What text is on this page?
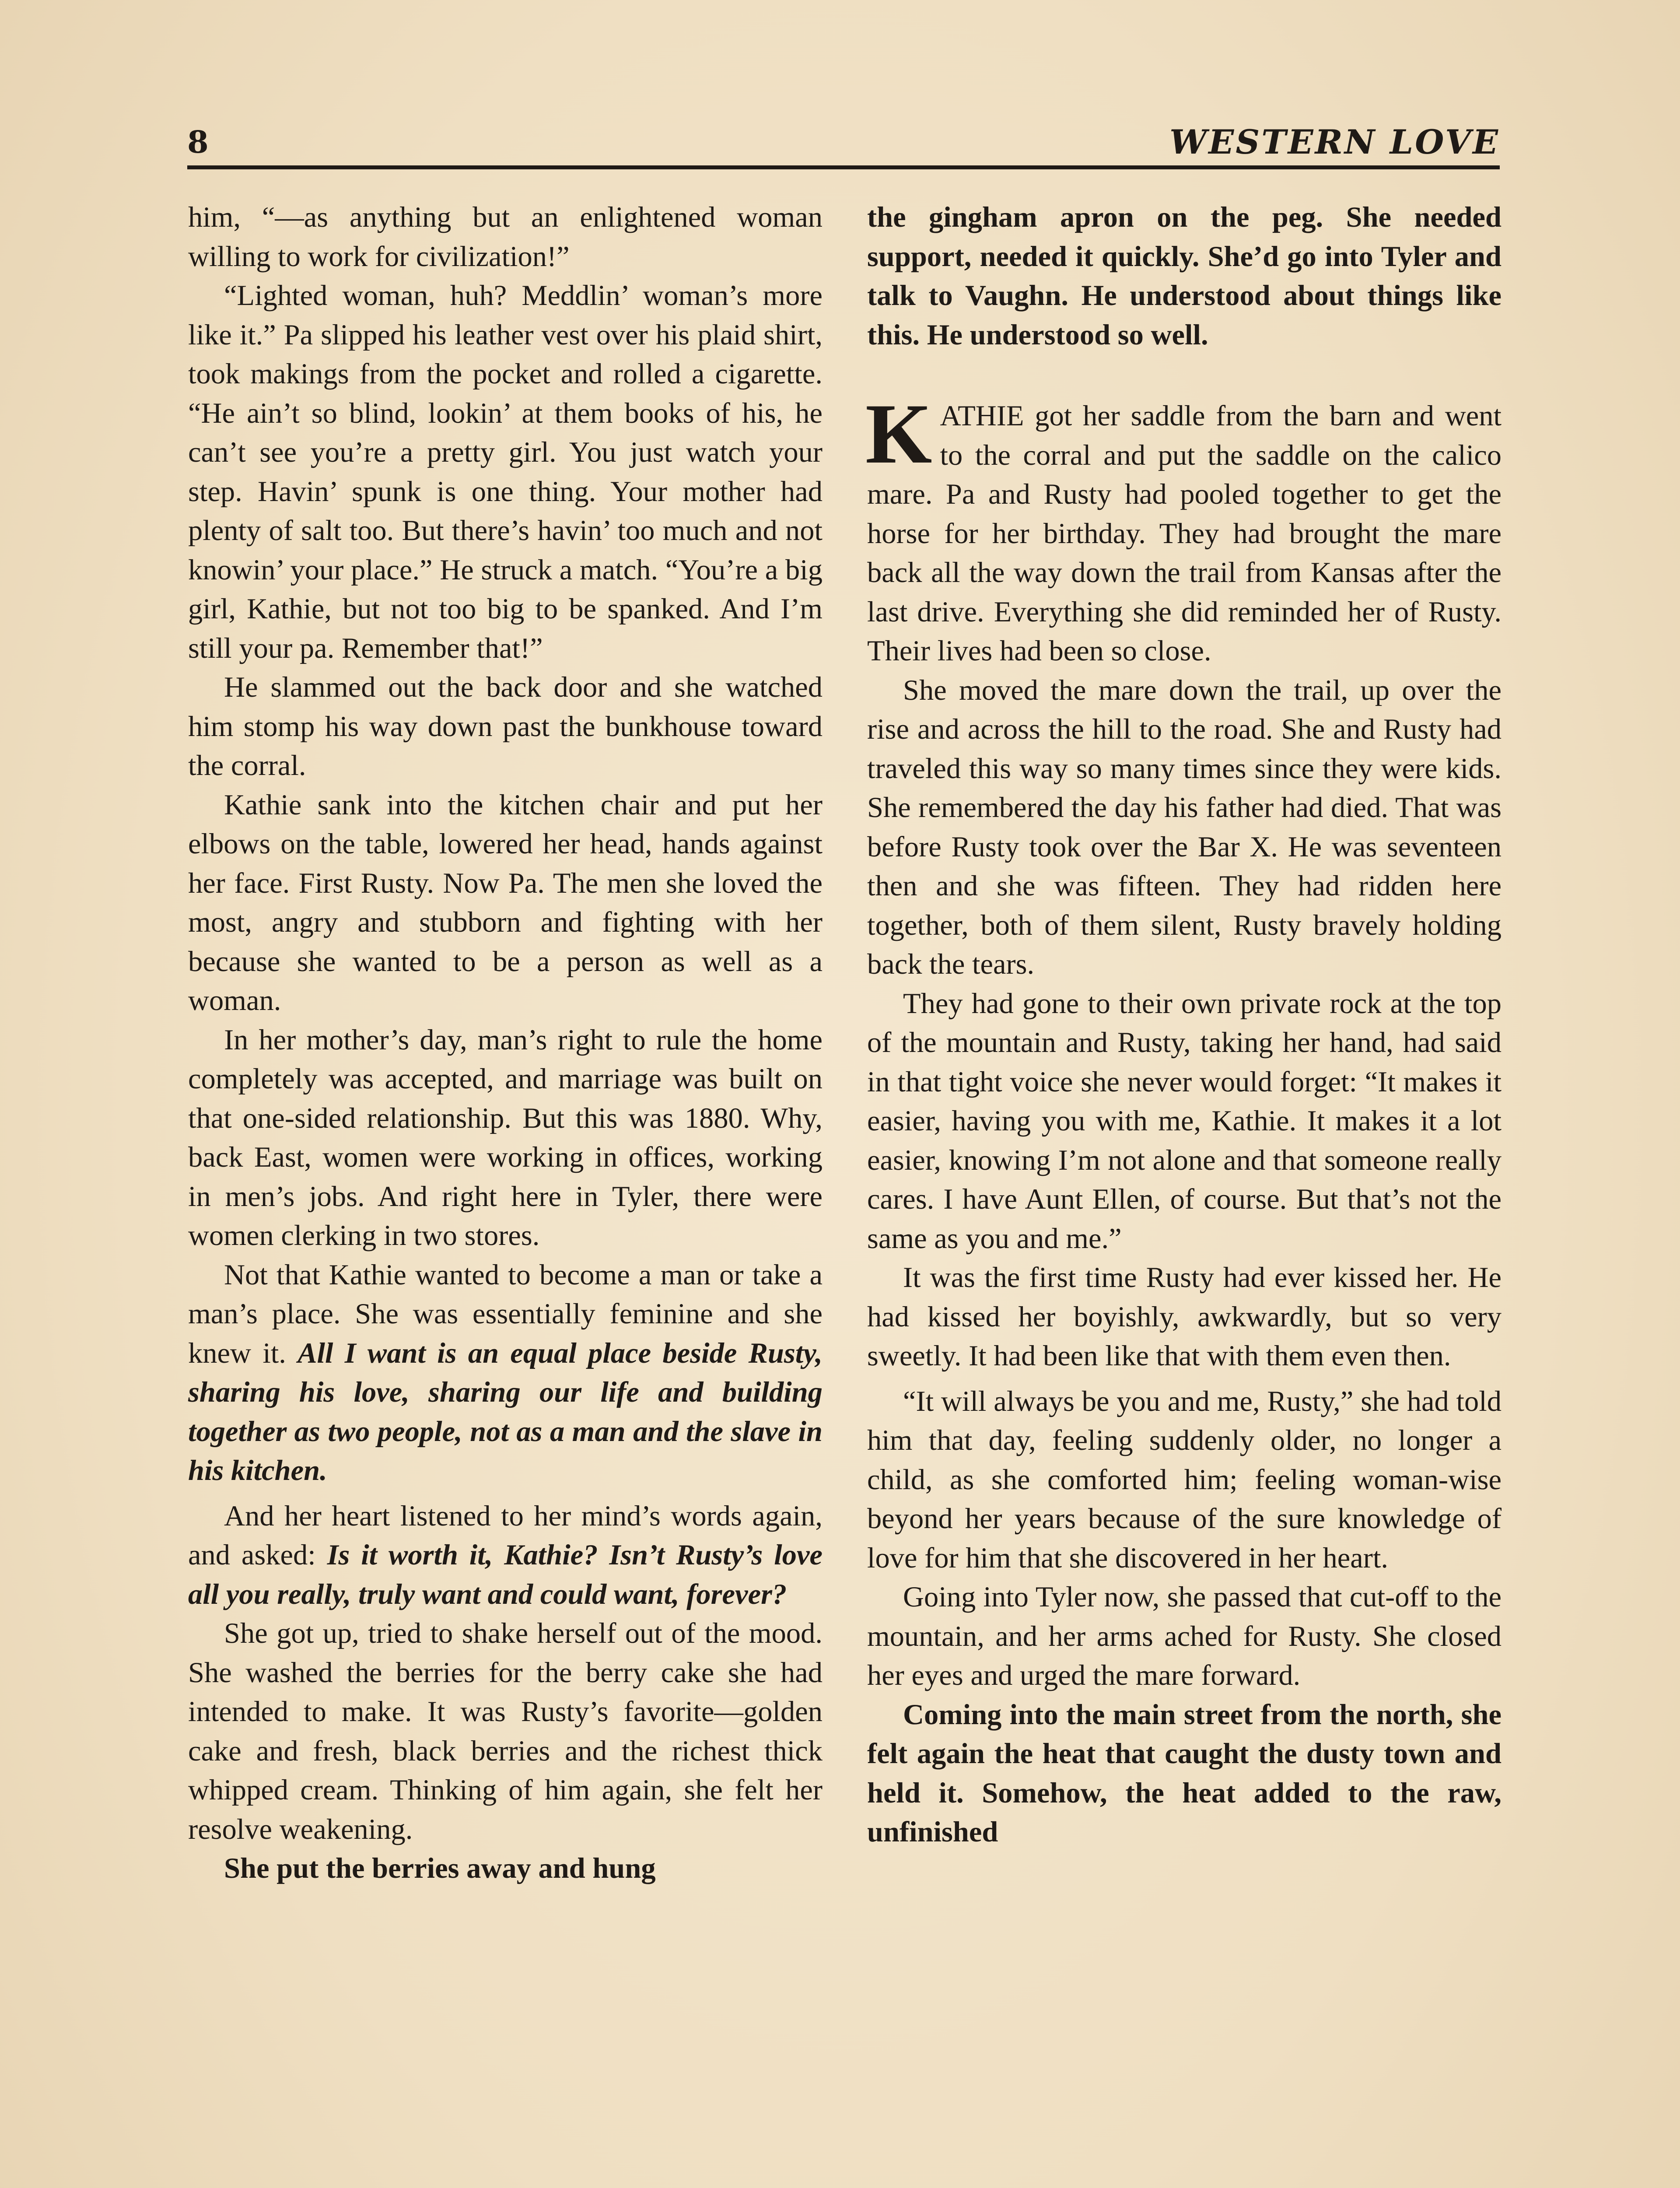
8	WESTERN LOVE

him, “—as anything but an enlightened woman willing to work for civilization!”

“Lighted woman, huh? Meddlin’ woman’s more like it.” Pa slipped his leather vest over his plaid shirt, took makings from the pocket and rolled a cigarette. “He ain’t so blind, lookin’ at them books of his, he can’t see you’re a pretty girl. You just watch your step. Havin’ spunk is one thing. Your mother had plenty of salt too. But there’s havin’ too much and not knowin’ your place.” He struck a match. “You’re a big girl, Kathie, but not too big to be spanked. And I’m still your pa. Remember that!”

He slammed out the back door and she watched him stomp his way down past the bunkhouse toward the corral.

Kathie sank into the kitchen chair and put her elbows on the table, lowered her head, hands against her face. First Rusty. Now Pa. The men she loved the most, angry and stubborn and fighting with her because she wanted to be a person as well as a woman.

In her mother’s day, man’s right to rule the home completely was accepted, and marriage was built on that one-sided relationship. But this was 1880. Why, back East, women were working in offices, working in men’s jobs. And right here in Tyler, there were women clerking in two stores.

Not that Kathie wanted to become a man or take a man’s place. She was essentially feminine and she knew it. All I want is an equal place beside Rusty, sharing his love, sharing our life and building together as two people, not as a man and the slave in his kitchen.

And her heart listened to her mind’s words again, and asked: Is it worth it, Kathie? Isn’t Rusty’s love all you really, truly want and could want, forever?

She got up, tried to shake herself out of the mood. She washed the berries for the berry cake she had intended to make. It was Rusty’s favorite—golden cake and fresh, black berries and the richest thick whipped cream. Thinking of him again, she felt her resolve weakening.

She put the berries away and hung

the gingham apron on the peg. She needed support, needed it quickly. She’d go into Tyler and talk to Vaughn. He understood about things like this. He understood so well.

KATHIE got her saddle from the barn and went to the corral and put the saddle on the calico mare. Pa and Rusty had pooled together to get the horse for her birthday. They had brought the mare back all the way down the trail from Kansas after the last drive. Everything she did reminded her of Rusty. Their lives had been so close.

She moved the mare down the trail, up over the rise and across the hill to the road. She and Rusty had traveled this way so many times since they were kids. She remembered the day his father had died. That was before Rusty took over the Bar X. He was seventeen then and she was fifteen. They had ridden here together, both of them silent, Rusty bravely holding back the tears.

They had gone to their own private rock at the top of the mountain and Rusty, taking her hand, had said in that tight voice she never would forget: “It makes it easier, having you with me, Kathie. It makes it a lot easier, knowing I’m not alone and that someone really cares. I have Aunt Ellen, of course. But that’s not the same as you and me.”

It was the first time Rusty had ever kissed her. He had kissed her boyishly, awkwardly, but so very sweetly. It had been like that with them even then.

“It will always be you and me, Rusty,” she had told him that day, feeling suddenly older, no longer a child, as she comforted him; feeling woman-wise beyond her years because of the sure knowledge of love for him that she discovered in her heart.

Going into Tyler now, she passed that cut-off to the mountain, and her arms ached for Rusty. She closed her eyes and urged the mare forward.

Coming into the main street from the north, she felt again the heat that caught the dusty town and held it. Somehow, the heat added to the raw, unfinished
